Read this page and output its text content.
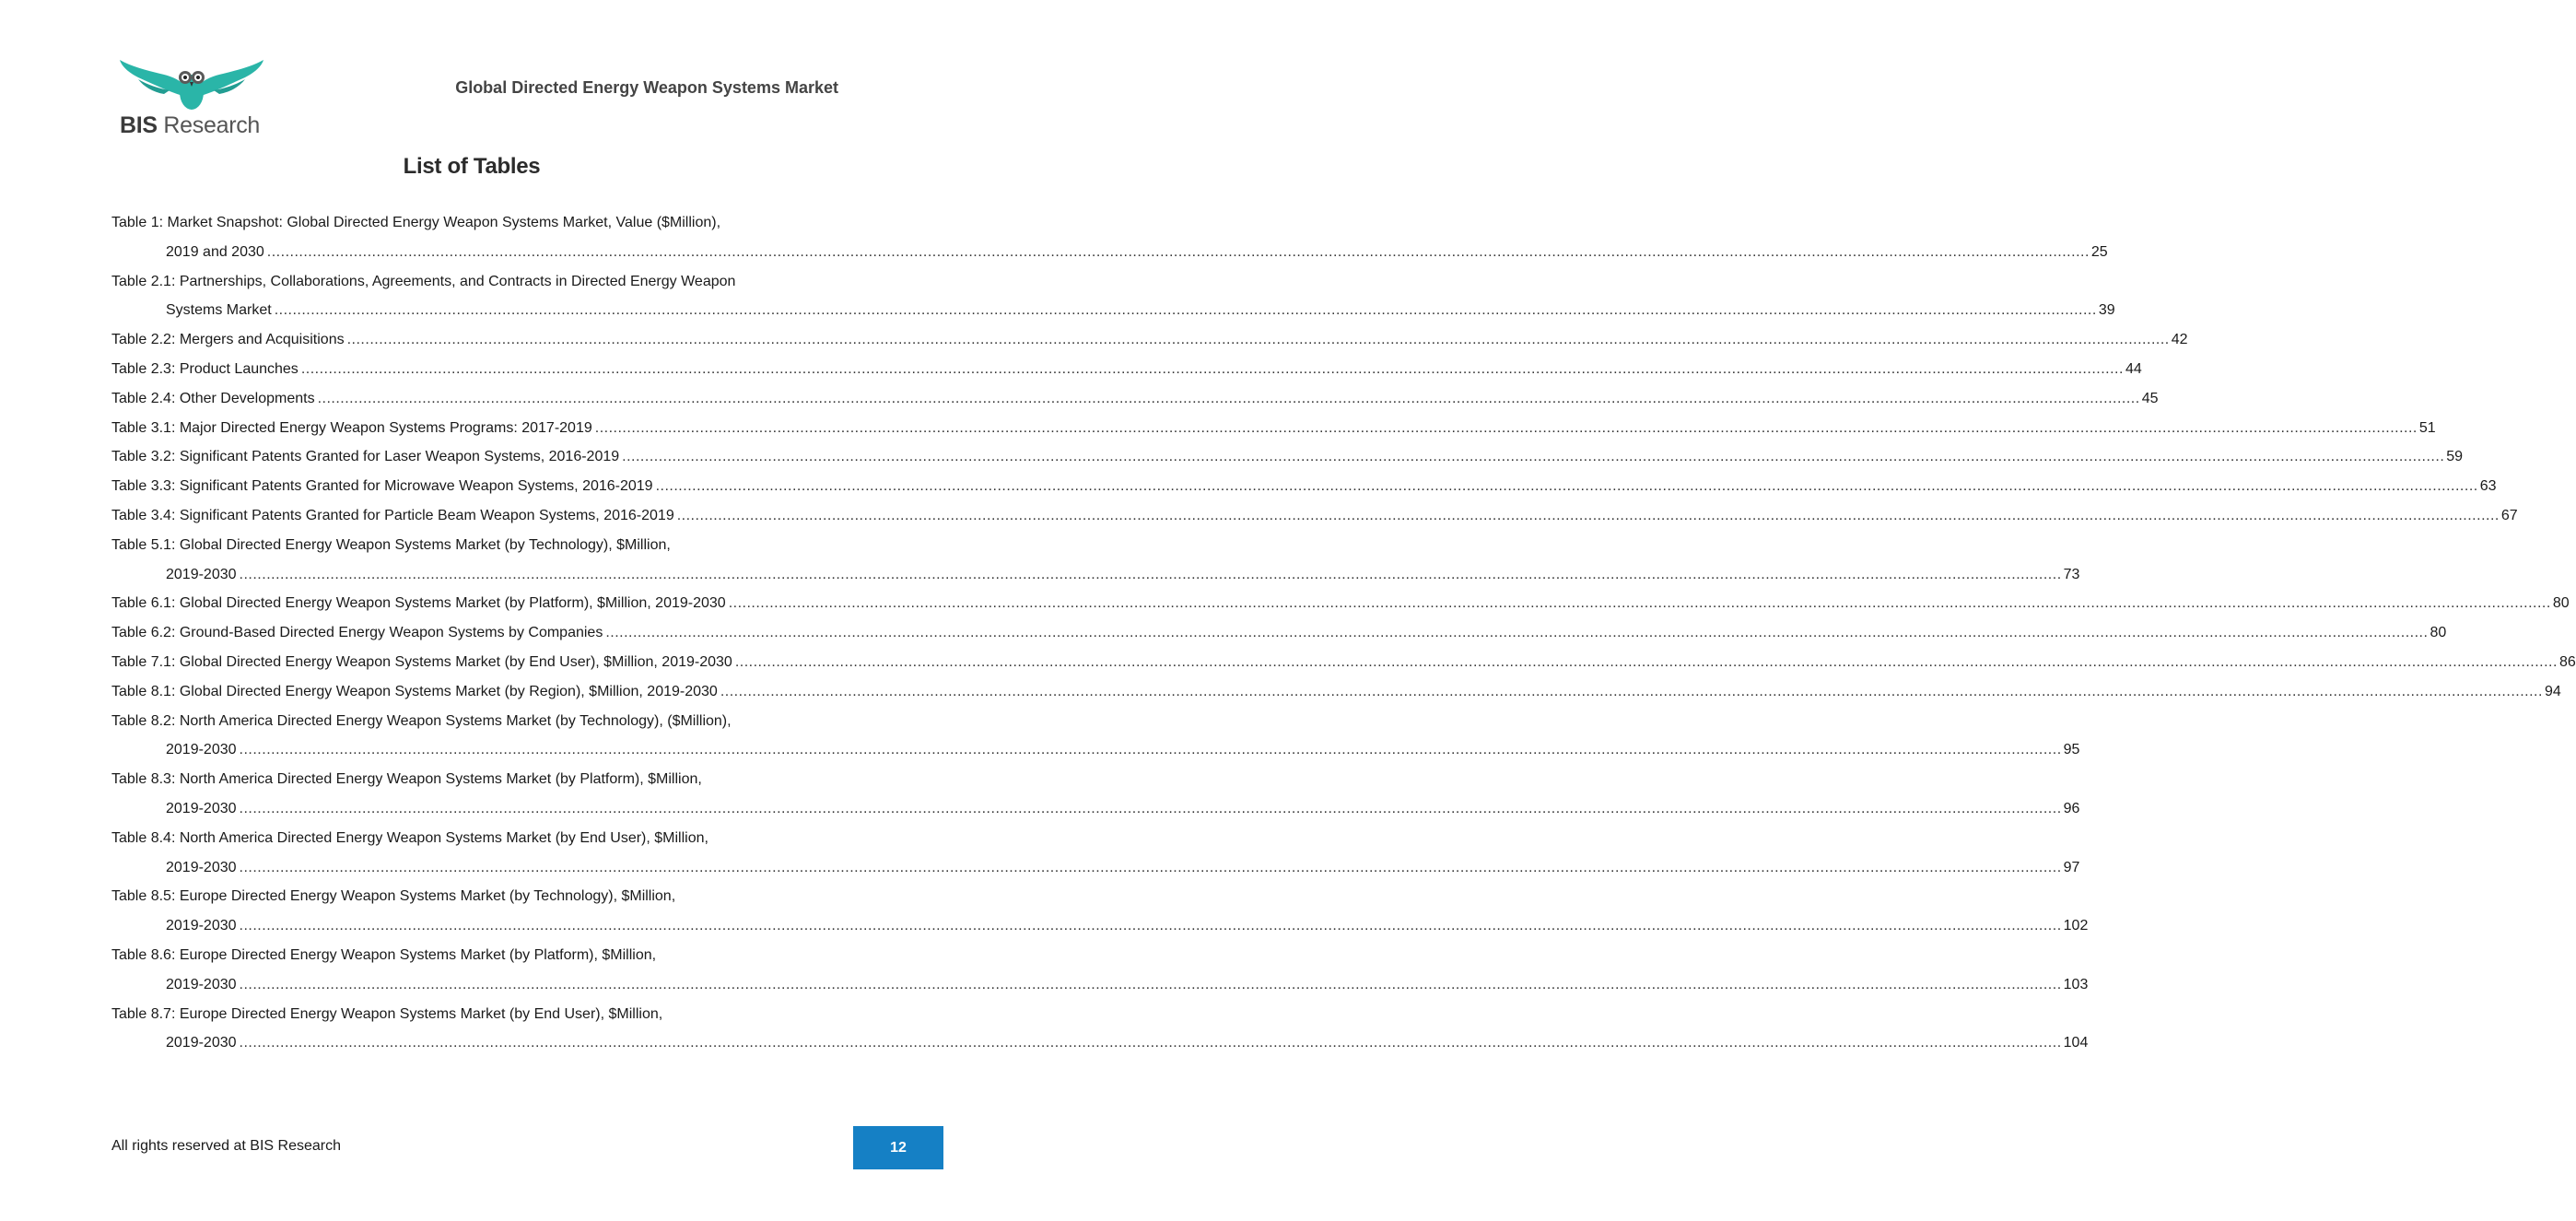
BIS Research
Global Directed Energy Weapon Systems Market
List of Tables
Table 1: Market Snapshot: Global Directed Energy Weapon Systems Market, Value ($Million),
2019 and 2030 ................................................................................................................................................................................................................................................................................................................................................................................................................ 25
Table 2.1: Partnerships, Collaborations, Agreements, and Contracts in Directed Energy Weapon
Systems Market ................................................................................................................................................................................................................................................................................................................................................................................................................ 39
Table 2.2: Mergers and Acquisitions ................................................................................................................................................................................................................................................................................................................................................................................................................ 42
Table 2.3: Product Launches ................................................................................................................................................................................................................................................................................................................................................................................................................ 44
Table 2.4: Other Developments ................................................................................................................................................................................................................................................................................................................................................................................................................ 45
Table 3.1: Major Directed Energy Weapon Systems Programs: 2017-2019 ................................................................................................................................................................................................................................................................................................................................................................................................................ 51
Table 3.2: Significant Patents Granted for Laser Weapon Systems, 2016-2019 ................................................................................................................................................................................................................................................................................................................................................................................................................ 59
Table 3.3: Significant Patents Granted for Microwave Weapon Systems, 2016-2019 ................................................................................................................................................................................................................................................................................................................................................................................................................ 63
Table 3.4: Significant Patents Granted for Particle Beam Weapon Systems, 2016-2019 ................................................................................................................................................................................................................................................................................................................................................................................................................ 67
Table 5.1: Global Directed Energy Weapon Systems Market (by Technology), $Million,
2019-2030 ................................................................................................................................................................................................................................................................................................................................................................................................................ 73
Table 6.1: Global Directed Energy Weapon Systems Market (by Platform), $Million, 2019-2030 ................................................................................................................................................................................................................................................................................................................................................................................................................ 80
Table 6.2: Ground-Based Directed Energy Weapon Systems by Companies ................................................................................................................................................................................................................................................................................................................................................................................................................ 80
Table 7.1: Global Directed Energy Weapon Systems Market (by End User), $Million, 2019-2030 ................................................................................................................................................................................................................................................................................................................................................................................................................ 86
Table 8.1: Global Directed Energy Weapon Systems Market (by Region), $Million, 2019-2030 ................................................................................................................................................................................................................................................................................................................................................................................................................ 94
Table 8.2: North America Directed Energy Weapon Systems Market (by Technology), ($Million),
2019-2030 ................................................................................................................................................................................................................................................................................................................................................................................................................ 95
Table 8.3: North America Directed Energy Weapon Systems Market (by Platform), $Million,
2019-2030 ................................................................................................................................................................................................................................................................................................................................................................................................................ 96
Table 8.4: North America Directed Energy Weapon Systems Market (by End User), $Million,
2019-2030 ................................................................................................................................................................................................................................................................................................................................................................................................................ 97
Table 8.5: Europe Directed Energy Weapon Systems Market (by Technology), $Million,
2019-2030 ................................................................................................................................................................................................................................................................................................................................................................................................................ 102
Table 8.6: Europe Directed Energy Weapon Systems Market (by Platform), $Million,
2019-2030 ................................................................................................................................................................................................................................................................................................................................................................................................................ 103
Table 8.7: Europe Directed Energy Weapon Systems Market (by End User), $Million,
2019-2030 ................................................................................................................................................................................................................................................................................................................................................................................................................ 104
All rights reserved at BIS Research	12
